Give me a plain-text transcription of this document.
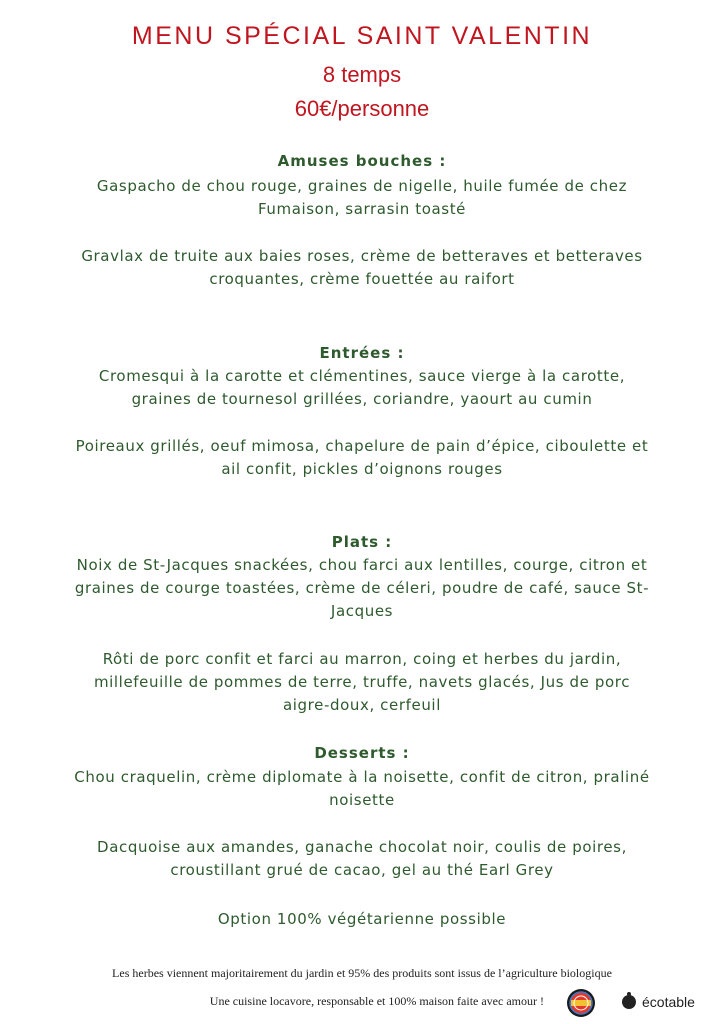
MENU SPÉCIAL SAINT VALENTIN
8 temps
60€/personne
Amuses bouches :
Gaspacho de chou rouge, graines de nigelle, huile fumée de chez
Fumaison, sarrasin toasté
Gravlax de truite aux baies roses, crème de betteraves et betteraves
croquantes, crème fouettée au raifort
Entrées :
Cromesqui à la carotte et clémentines, sauce vierge à la carotte,
graines de tournesol grillées, coriandre, yaourt au cumin
Poireaux grillés, oeuf mimosa, chapelure de pain d’épice, ciboulette et
ail confit, pickles d’oignons rouges
Plats :
Noix de St-Jacques snackées, chou farci aux lentilles, courge, citron et
graines de courge toastées, crème de céleri, poudre de café, sauce St-
Jacques
Rôti de porc confit et farci au marron, coing et herbes du jardin,
millefeuille de pommes de terre, truffe, navets glacés, Jus de porc
aigre-doux, cerfeuil
Desserts :
Chou craquelin, crème diplomate à la noisette, confit de citron, praliné
noisette
Dacquoise aux amandes, ganache chocolat noir, coulis de poires,
croustillant grué de cacao, gel au thé Earl Grey
Option 100% végétarienne possible
Les herbes viennent majoritairement du jardin et 95% des produits sont issus de l’agriculture biologique
Une cuisine locavore, responsable et 100% maison faite avec amour !	écotable
